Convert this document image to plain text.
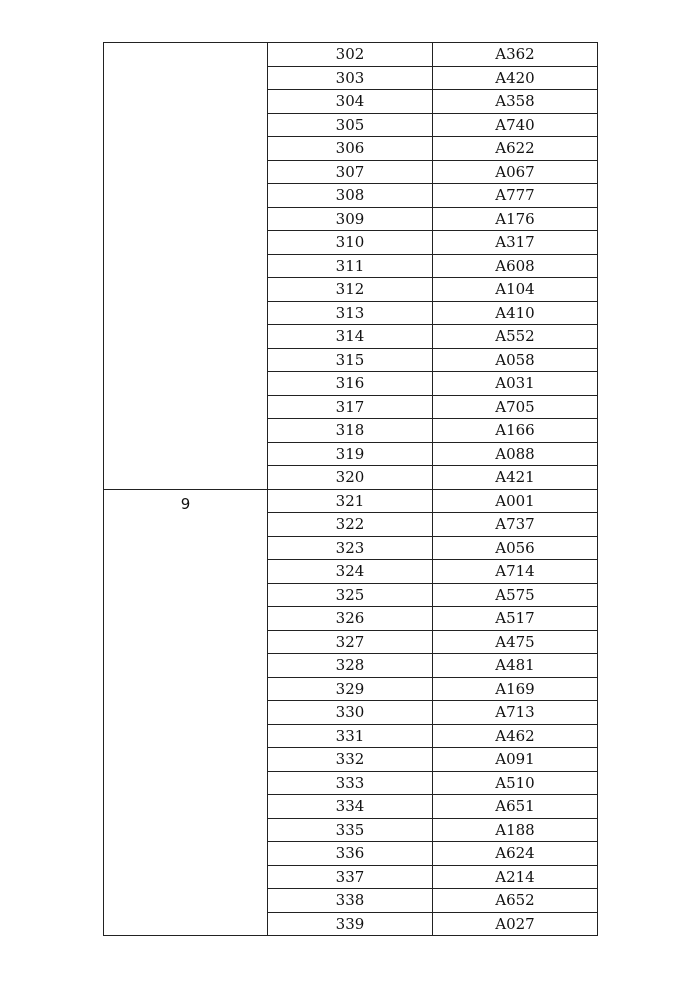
	302	A362
	303	A420
	304	A358
	305	A740
	306	A622
	307	A067
	308	A777
	309	A176
	310	A317
	311	A608
	312	A104
	313	A410
	314	A552
	315	A058
	316	A031
	317	A705
	318	A166
	319	A088
	320	A421
9	321	A001
	322	A737
	323	A056
	324	A714
	325	A575
	326	A517
	327	A475
	328	A481
	329	A169
	330	A713
	331	A462
	332	A091
	333	A510
	334	A651
	335	A188
	336	A624
	337	A214
	338	A652
	339	A027
